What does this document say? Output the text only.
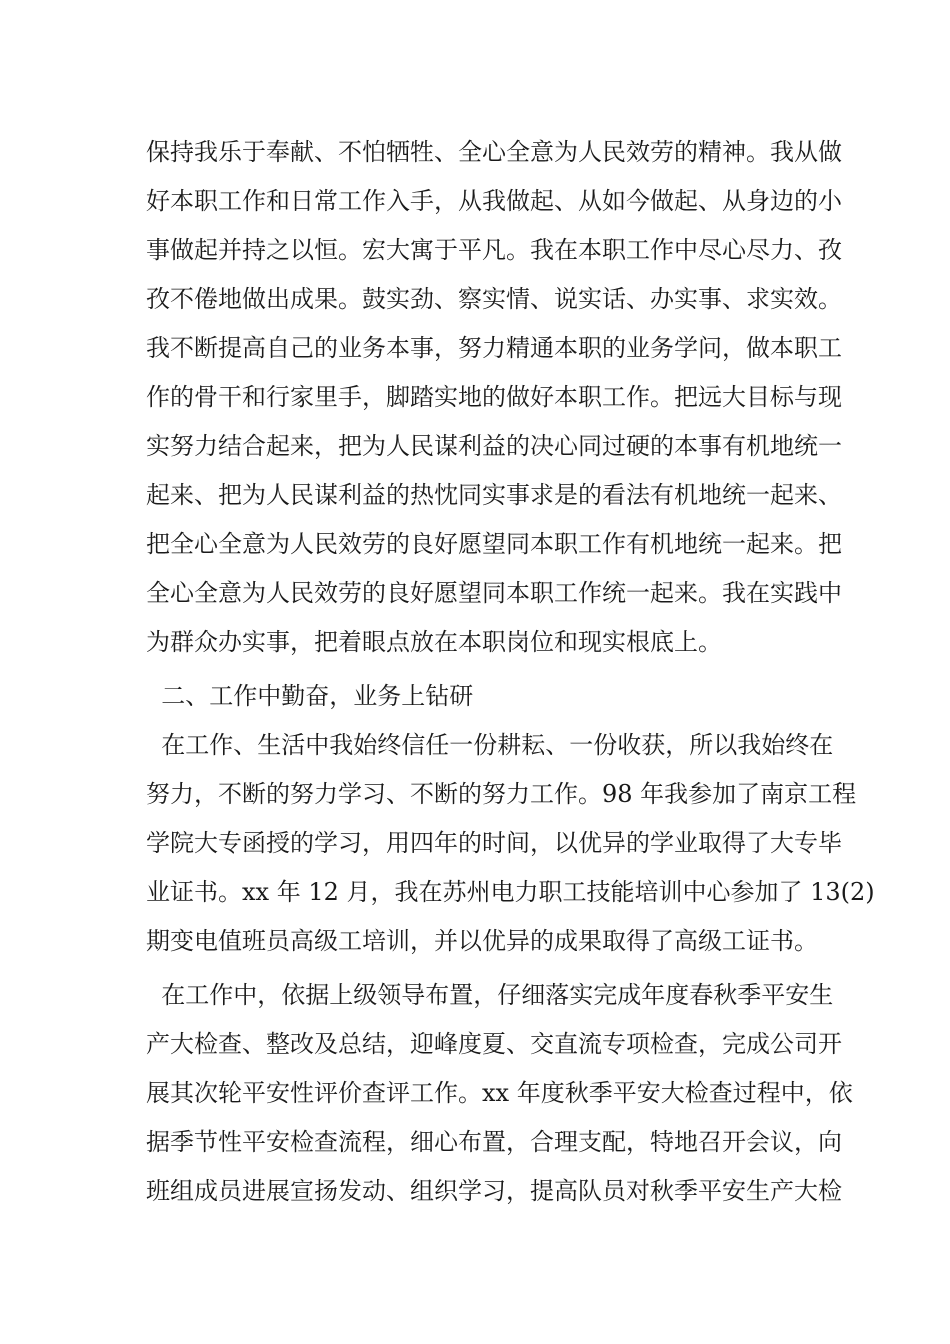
保持我乐于奉献、不怕牺牲、全心全意为人民效劳的精神。我从做
好本职工作和日常工作入手，从我做起、从如今做起、从身边的小
事做起并持之以恒。宏大寓于平凡。我在本职工作中尽心尽力、孜
孜不倦地做出成果。鼓实劲、察实情、说实话、办实事、求实效。
我不断提高自己的业务本事，努力精通本职的业务学问，做本职工
作的骨干和行家里手，脚踏实地的做好本职工作。把远大目标与现
实努力结合起来，把为人民谋利益的决心同过硬的本事有机地统一
起来、把为人民谋利益的热忱同实事求是的看法有机地统一起来、
把全心全意为人民效劳的良好愿望同本职工作有机地统一起来。把
全心全意为人民效劳的良好愿望同本职工作统一起来。我在实践中
为群众办实事，把着眼点放在本职岗位和现实根底上。
二、工作中勤奋，业务上钻研
在工作、生活中我始终信任一份耕耘、一份收获，所以我始终在
努力，不断的努力学习、不断的努力工作。98 年我参加了南京工程
学院大专函授的学习，用四年的时间，以优异的学业取得了大专毕
业证书。xx 年 12 月，我在苏州电力职工技能培训中心参加了 13(2)
期变电值班员高级工培训，并以优异的成果取得了高级工证书。
在工作中，依据上级领导布置，仔细落实完成年度春秋季平安生
产大检查、整改及总结，迎峰度夏、交直流专项检查，完成公司开
展其次轮平安性评价查评工作。xx 年度秋季平安大检查过程中，依
据季节性平安检查流程，细心布置，合理支配，特地召开会议，向
班组成员进展宣扬发动、组织学习，提高队员对秋季平安生产大检
